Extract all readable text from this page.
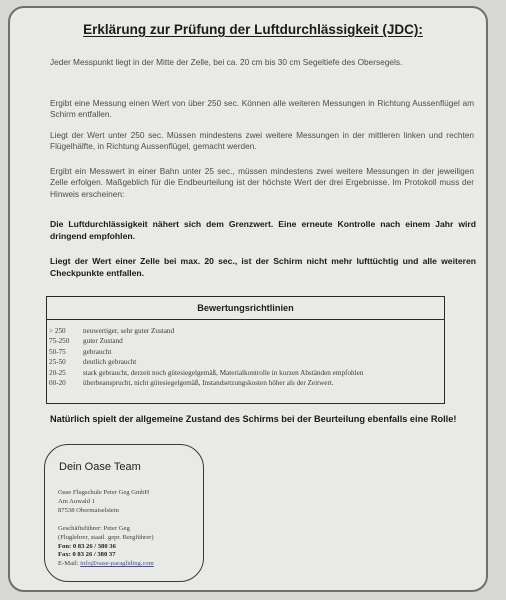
Erklärung zur Prüfung der Luftdurchlässigkeit (JDC):
Jeder Messpunkt liegt in der Mitte der Zelle, bei ca. 20 cm bis 30 cm Segeltiefe des Obersegels.
Ergibt eine Messung einen Wert von über 250 sec. Können alle weiteren Messungen in Richtung Aussenflügel am Schirm entfallen.
Liegt der Wert unter 250 sec. Müssen mindestens zwei weitere Messungen in der mittleren linken und rechten Flügelhälfte, in Richtung Aussenflügel, gemacht werden.
Ergibt ein Messwert in einer Bahn unter 25 sec., müssen mindestens zwei weitere Messungen in der jeweiligen Zelle erfolgen. Maßgeblich für die Endbeurteilung ist der höchste Wert der drei Ergebnisse. Im Protokoll muss der Hinweis erscheinen:
Die Luftdurchlässigkeit nähert sich dem Grenzwert. Eine erneute Kontrolle nach einem Jahr wird dringend empfohlen.
Liegt der Wert einer Zelle bei max. 20 sec., ist der Schirm nicht mehr lufttüchtig und alle weiteren Checkpunkte entfallen.
Bewertungsrichtlinien
> 250	neuwertiger, sehr guter Zustand
75-250	guter Zustand
50-75	gebraucht
25-50	deutlich gebraucht
20-25	stark gebraucht, derzeit noch gütesiegelgemäß, Materialkontrolle in kurzen Abständen empfohlen
00-20	überbeansprucht, nicht gütesiegelgemäß, Instandsetzungskosten höher als der Zeitwert.
Natürlich spielt der allgemeine Zustand des Schirms bei der Beurteilung ebenfalls eine Rolle!
Dein Oase Team
Oase Flugschule Peter Geg GmbH
Am Auwald 1
87538 Obermaiselstein
Geschäftsführer: Peter Geg
(Fluglehrer, staatl. gepr. Bergführer)
Fon: 0 83 26 / 380 36
Fax: 0 83 26 / 380 37
E-Mail: info@oase-paragliding.com
